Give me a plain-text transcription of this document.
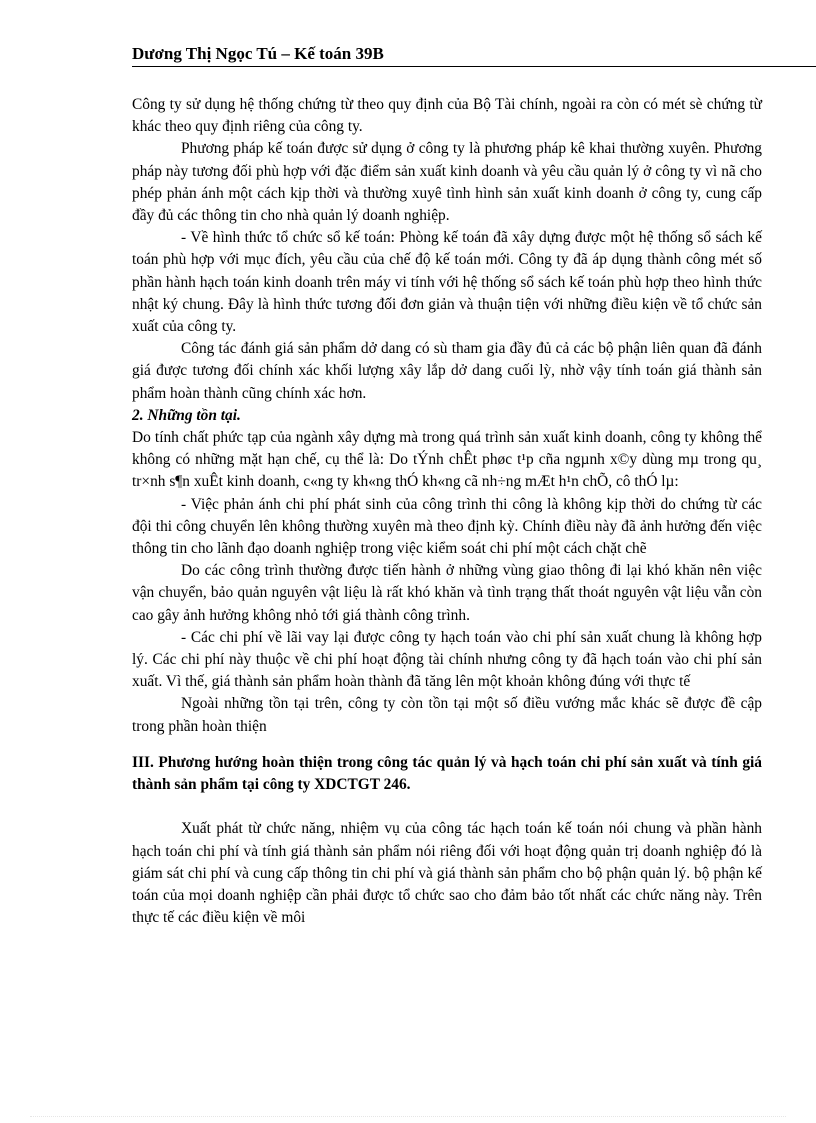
Dương Thị Ngọc Tú – Kế toán 39B

Công ty sử dụng hệ thống chứng từ theo quy định của Bộ Tài chính, ngoài ra còn có mét sè chứng từ khác theo quy định riêng của công ty.

Phương pháp kế toán được sử dụng ở công ty là phương pháp kê khai thường xuyên. Phương pháp này tương đối phù hợp với đặc điểm sản xuất kinh doanh và yêu cầu quản lý ở công ty vì nã cho phép phản ánh một cách kịp thời và thường xuyê tình hình sản xuất kinh doanh ở công ty, cung cấp đầy đủ các thông tin cho nhà quản lý doanh nghiệp.

- Về hình thức tổ chức sổ kế toán: Phòng kế toán đã xây dựng được một hệ thống sổ sách kế toán phù hợp với mục đích, yêu cầu của chế độ kế toán mới. Công ty đã áp dụng thành công mét số phần hành hạch toán kinh doanh trên máy vi tính với hệ thống sổ sách kế toán phù hợp theo hình thức nhật ký chung. Đây là hình thức tương đối đơn giản và thuận tiện với những điều kiện về tổ chức sản xuất của công ty.

Công tác đánh giá sản phẩm dở dang có sù tham gia đầy đủ cả các bộ phận liên quan đã đánh giá được tương đối chính xác khối lượng xây lắp dở dang cuối lỳ, nhờ vậy tính toán giá thành sản phẩm hoàn thành cũng chính xác hơn.

2. Những tồn tại.

Do tính chất phức tạp của ngành xây dựng mà trong quá trình sản xuất kinh doanh, công ty không thể không có những mặt hạn chế, cụ thể là: Do tÝnh chÊt phøc t¹p cña ngµnh x©y dùng mµ trong qu¸ tr×nh s¶n xuÊt kinh doanh, c«ng ty kh«ng thÓ kh«ng cã nh÷ng mÆt h¹n chÕ, cô thÓ lµ:

- Việc phản ánh chi phí phát sinh của công trình thi công là không kịp thời do chứng từ các đội thi công chuyển lên không thường xuyên mà theo định kỳ. Chính điều này đã ảnh hưởng đến việc thông tin cho lãnh đạo doanh nghiệp trong việc kiểm soát chi phí một cách chặt chẽ

Do các công trình thường được tiến hành ở những vùng giao thông đi lại khó khăn nên việc vận chuyển, bảo quản nguyên vật liệu là rất khó khăn và tình trạng thất thoát nguyên vật liệu vẫn còn cao gây ảnh hưởng không nhỏ tới giá thành công trình.

- Các chi phí về lãi vay lại được công ty hạch toán vào chi phí sản xuất chung là không hợp lý. Các chi phí này thuộc về chi phí hoạt động tài chính nhưng công ty đã hạch toán vào chi phí sản xuất. Vì thế, giá thành sản phẩm hoàn thành đã tăng lên một khoản không đúng với thực tế

Ngoài những tồn tại trên, công ty còn tồn tại một số điều vướng mắc khác sẽ được đề cập trong phần hoàn thiện

III. Phương hướng hoàn thiện trong công tác quản lý và hạch toán chi phí sản xuất và tính giá thành sản phẩm tại công ty XDCTGT 246.

Xuất phát từ chức năng, nhiệm vụ của công tác hạch toán kế toán nói chung và phần hành hạch toán chi phí và tính giá thành sản phẩm nói riêng đối với hoạt động quản trị doanh nghiệp đó là giám sát chi phí và cung cấp thông tin chi phí và giá thành sản phẩm cho bộ phận quản lý. bộ phận kế toán của mọi doanh nghiệp cần phải được tổ chức sao cho đảm bảo tốt nhất các chức năng này. Trên thực tế các điều kiện về môi
